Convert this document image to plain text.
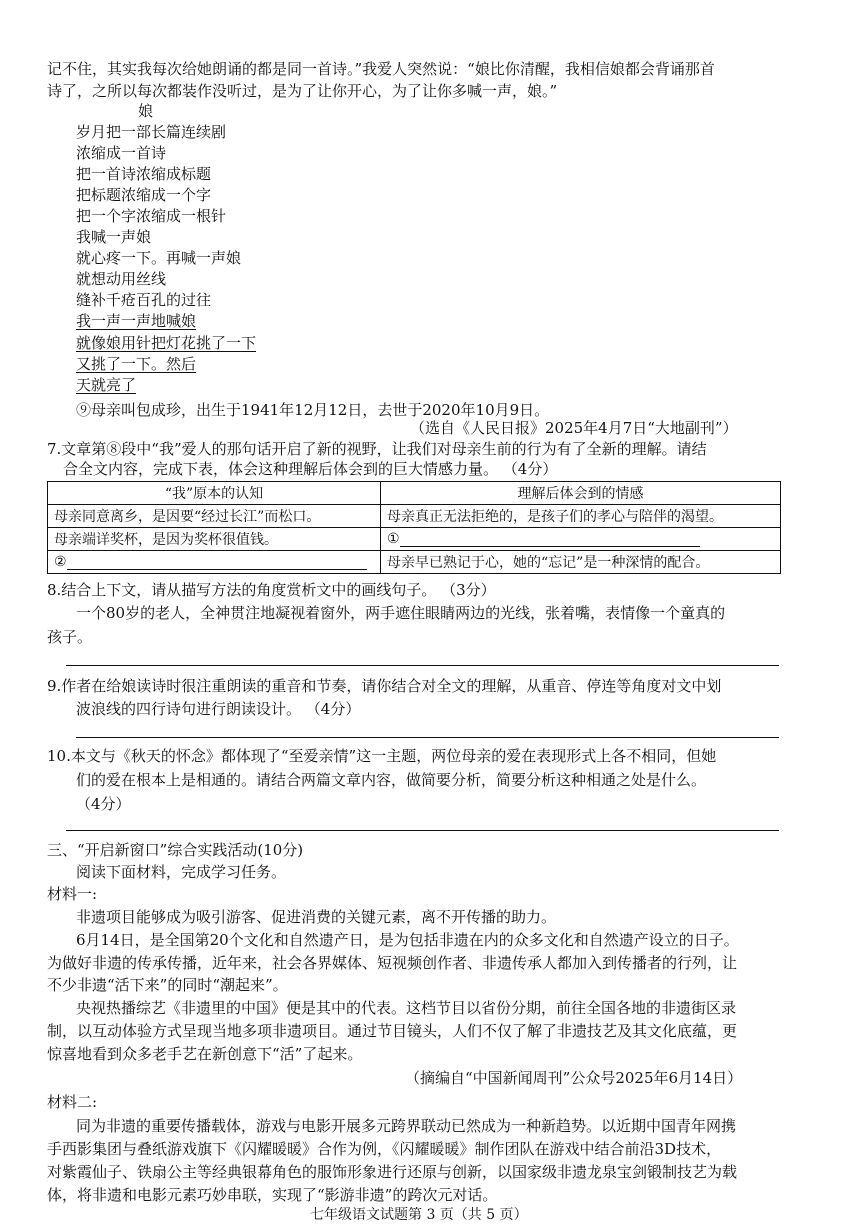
记不住，其实我每次给她朗诵的都是同一首诗。”我爱人突然说：“娘比你清醒，我相信娘都会背诵那首
诗了，之所以每次都装作没听过，是为了让你开心，为了让你多喊一声，娘。”
娘
岁月把一部长篇连续剧
浓缩成一首诗
把一首诗浓缩成标题
把标题浓缩成一个字
把一个字浓缩成一根针
我喊一声娘
就心疼一下。再喊一声娘
就想动用丝线
缝补千疮百孔的过往
我一声一声地喊娘
就像娘用针把灯花挑了一下
又挑了一下。然后
天就亮了
⑨母亲叫包成珍，出生于1941年12月12日，去世于2020年10月9日。
（选自《人民日报》2025年4月7日“大地副刊”）
7.文章第⑧段中“我”爱人的那句话开启了新的视野，让我们对母亲生前的行为有了全新的理解。请结
合全文内容，完成下表，体会这种理解后体会到的巨大情感力量。 （4分）
“我”原本的认知	理解后体会到的情感
母亲同意离乡，是因要“经过长江”而松口。	母亲真正无法拒绝的，是孩子们的孝心与陪伴的渴望。
母亲端详奖杯，是因为奖杯很值钱。	①
②	母亲早已熟记于心，她的“忘记”是一种深情的配合。
8.结合上下文，请从描写方法的角度赏析文中的画线句子。 （3分）
一个80岁的老人，全神贯注地凝视着窗外，两手遮住眼睛两边的光线，张着嘴，表情像一个童真的
孩子。
9.作者在给娘读诗时很注重朗读的重音和节奏，请你结合对全文的理解，从重音、停连等角度对文中划
波浪线的四行诗句进行朗读设计。 （4分）
10.本文与《秋天的怀念》都体现了“至爱亲情”这一主题，两位母亲的爱在表现形式上各不相同，但她
们的爱在根本上是相通的。请结合两篇文章内容，做简要分析，简要分析这种相通之处是什么。
（4分）
三、“开启新窗口”综合实践活动(10分)
阅读下面材料，完成学习任务。
材料一:
非遗项目能够成为吸引游客、促进消费的关键元素，离不开传播的助力。
6月14日，是全国第20个文化和自然遗产日，是为包括非遗在内的众多文化和自然遗产设立的日子。
为做好非遗的传承传播，近年来，社会各界媒体、短视频创作者、非遗传承人都加入到传播者的行列，让
不少非遗“活下来”的同时“潮起来”。
央视热播综艺《非遗里的中国》便是其中的代表。这档节目以省份分期，前往全国各地的非遗街区录
制，以互动体验方式呈现当地多项非遗项目。通过节目镜头，人们不仅了解了非遗技艺及其文化底蕴，更
惊喜地看到众多老手艺在新创意下“活”了起来。
（摘编自“中国新闻周刊”公众号2025年6月14日）
材料二:
同为非遗的重要传播载体，游戏与电影开展多元跨界联动已然成为一种新趋势。以近期中国青年网携
手西影集团与叠纸游戏旗下《闪耀暖暖》合作为例，《闪耀暖暖》制作团队在游戏中结合前沿3D技术，
对紫霞仙子、铁扇公主等经典银幕角色的服饰形象进行还原与创新，以国家级非遗龙泉宝剑锻制技艺为载
体，将非遗和电影元素巧妙串联，实现了“影游非遗”的跨次元对话。
七年级语文试题第 3 页（共 5 页）
